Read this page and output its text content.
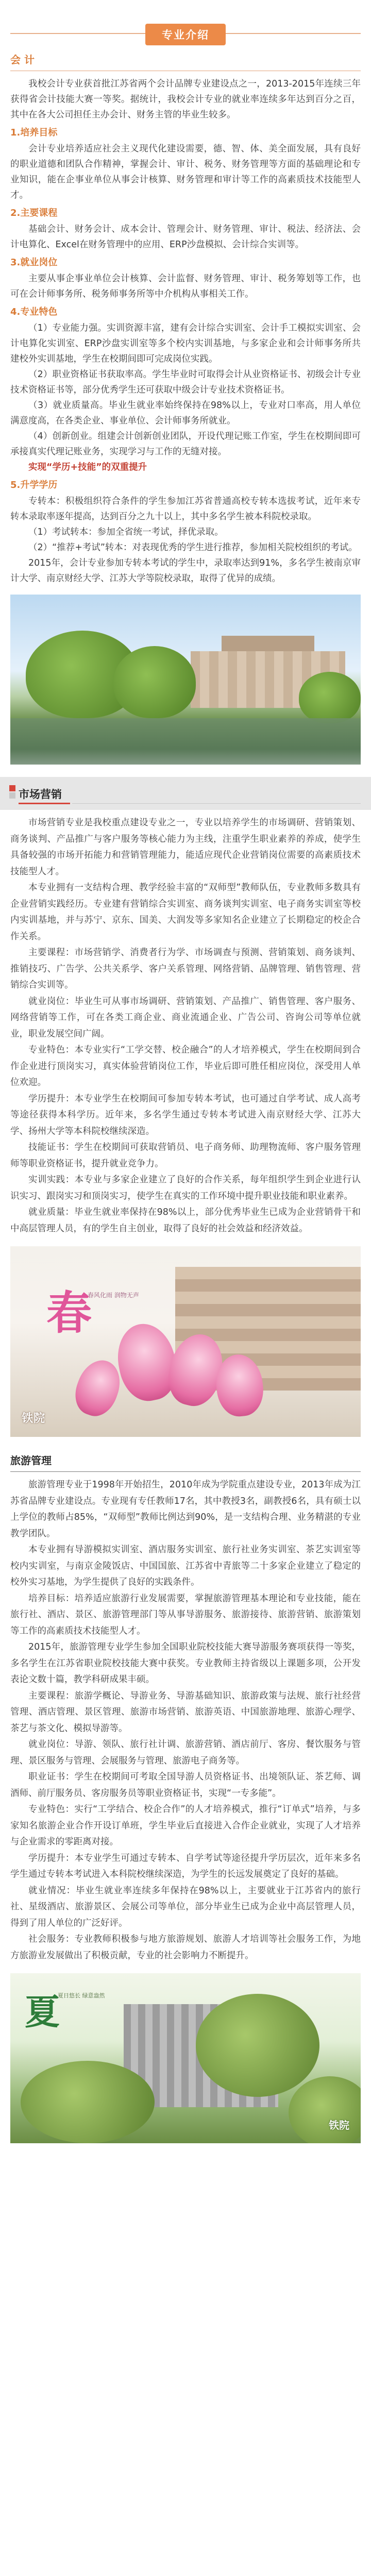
专业介绍
会 计

我校会计专业获首批江苏省两个会计品牌专业建设点之一，2013-2015年连续三年获得省会计技能大赛一等奖。据统计，我校会计专业的就业率连续多年达到百分之百，其中在各大公司担任主办会计、财务主管的毕业生较多。

1.培养目标

会计专业培养适应社会主义现代化建设需要，德、智、体、美全面发展，具有良好的职业道德和团队合作精神，掌握会计、审计、税务、财务管理等方面的基础理论和专业知识，能在企事业单位从事会计核算、财务管理和审计等工作的高素质技术技能型人才。

2.主要课程

基础会计、财务会计、成本会计、管理会计、财务管理、审计、税法、经济法、会计电算化、Excel在财务管理中的应用、ERP沙盘模拟、会计综合实训等。

3.就业岗位

主要从事企事业单位会计核算、会计监督、财务管理、审计、税务筹划等工作，也可在会计师事务所、税务师事务所等中介机构从事相关工作。

4.专业特色
（1）专业能力强。实训资源丰富，建有会计综合实训室、会计手工模拟实训室、会计电算化实训室、ERP沙盘实训室等多个校内实训基地，与多家企业和会计师事务所共建校外实训基地，学生在校期间即可完成岗位实践。
（2）职业资格证书获取率高。学生毕业时可取得会计从业资格证书、初级会计专业技术资格证书等，部分优秀学生还可获取中级会计专业技术资格证书。
（3）就业质量高。毕业生就业率始终保持在98%以上，专业对口率高，用人单位满意度高，在各类企业、事业单位、会计师事务所就业。
（4）创新创业。组建会计创新创业团队，开设代理记账工作室，学生在校期间即可承接真实代理记账业务，实现学习与工作的无缝对接。
实现“学历+技能”的双重提升
5.升学学历
专转本：积极组织符合条件的学生参加江苏省普通高校专转本选拔考试，近年来专转本录取率逐年提高，达到百分之九十以上，其中多名学生被本科院校录取。
（1）考试转本：参加全省统一考试，择优录取。
（2）“推荐+考试”转本：对表现优秀的学生进行推荐，参加相关院校组织的考试。
2015年，会计专业参加专转本考试的学生中，录取率达到91%，多名学生被南京审计大学、南京财经大学、江苏大学等院校录取，取得了优异的成绩。
市场营销

市场营销专业是我校重点建设专业之一，专业以培养学生的市场调研、营销策划、商务谈判、产品推广与客户服务等核心能力为主线，注重学生职业素养的养成，使学生具备较强的市场开拓能力和营销管理能力，能适应现代企业营销岗位需要的高素质技术技能型人才。

本专业拥有一支结构合理、教学经验丰富的“双师型”教师队伍，专业教师多数具有企业营销实践经历。专业建有营销综合实训室、商务谈判实训室、电子商务实训室等校内实训基地，并与苏宁、京东、国美、大润发等多家知名企业建立了长期稳定的校企合作关系。

主要课程：市场营销学、消费者行为学、市场调查与预测、营销策划、商务谈判、推销技巧、广告学、公共关系学、客户关系管理、网络营销、品牌管理、销售管理、营销综合实训等。

就业岗位：毕业生可从事市场调研、营销策划、产品推广、销售管理、客户服务、网络营销等工作，可在各类工商企业、商业流通企业、广告公司、咨询公司等单位就业，职业发展空间广阔。

专业特色：本专业实行“工学交替、校企融合”的人才培养模式，学生在校期间到合作企业进行顶岗实习，真实体验营销岗位工作，毕业后即可胜任相应岗位，深受用人单位欢迎。

学历提升：本专业学生在校期间可参加专转本考试，也可通过自学考试、成人高考等途径获得本科学历。近年来，多名学生通过专转本考试进入南京财经大学、江苏大学、扬州大学等本科院校继续深造。

技能证书：学生在校期间可获取营销员、电子商务师、助理物流师、客户服务管理师等职业资格证书，提升就业竞争力。

实训实践：本专业与多家企业建立了良好的合作关系，每年组织学生到企业进行认识实习、跟岗实习和顶岗实习，使学生在真实的工作环境中提升职业技能和职业素养。

就业质量：毕业生就业率保持在98%以上，部分优秀毕业生已成为企业营销骨干和中高层管理人员，有的学生自主创业，取得了良好的社会效益和经济效益。

春
春风化雨 润物无声
铁院
旅游管理

旅游管理专业于1998年开始招生，2010年成为学院重点建设专业，2013年成为江苏省品牌专业建设点。专业现有专任教师17名，其中教授3名，副教授6名，具有硕士以上学位的教师占85%，“双师型”教师比例达到90%，是一支结构合理、业务精湛的专业教学团队。

本专业拥有导游模拟实训室、酒店服务实训室、旅行社业务实训室、茶艺实训室等校内实训室，与南京金陵饭店、中国国旅、江苏省中青旅等二十多家企业建立了稳定的校外实习基地，为学生提供了良好的实践条件。

培养目标：培养适应旅游行业发展需要，掌握旅游管理基本理论和专业技能，能在旅行社、酒店、景区、旅游管理部门等从事导游服务、旅游接待、旅游营销、旅游策划等工作的高素质技术技能型人才。

2015年，旅游管理专业学生参加全国职业院校技能大赛导游服务赛项获得一等奖，多名学生在江苏省职业院校技能大赛中获奖。专业教师主持省级以上课题多项，公开发表论文数十篇，教学科研成果丰硕。

主要课程：旅游学概论、导游业务、导游基础知识、旅游政策与法规、旅行社经营管理、酒店管理、景区管理、旅游市场营销、旅游英语、中国旅游地理、旅游心理学、茶艺与茶文化、模拟导游等。

就业岗位：导游、领队、旅行社计调、旅游营销、酒店前厅、客房、餐饮服务与管理、景区服务与管理、会展服务与管理、旅游电子商务等。

职业证书：学生在校期间可考取全国导游人员资格证书、出境领队证、茶艺师、调酒师、前厅服务员、客房服务员等职业资格证书，实现“一专多能”。

专业特色：实行“工学结合、校企合作”的人才培养模式，推行“订单式”培养，与多家知名旅游企业合作开设订单班，学生毕业后直接进入合作企业就业，实现了人才培养与企业需求的零距离对接。

学历提升：本专业学生可通过专转本、自学考试等途径提升学历层次，近年来多名学生通过专转本考试进入本科院校继续深造，为学生的长远发展奠定了良好的基础。

就业情况：毕业生就业率连续多年保持在98%以上，主要就业于江苏省内的旅行社、星级酒店、旅游景区、会展公司等单位，部分毕业生已成为企业中高层管理人员，得到了用人单位的广泛好评。

社会服务：专业教师积极参与地方旅游规划、旅游人才培训等社会服务工作，为地方旅游业发展做出了积极贡献，专业的社会影响力不断提升。

夏
夏日悠长 绿意盎然
铁院
